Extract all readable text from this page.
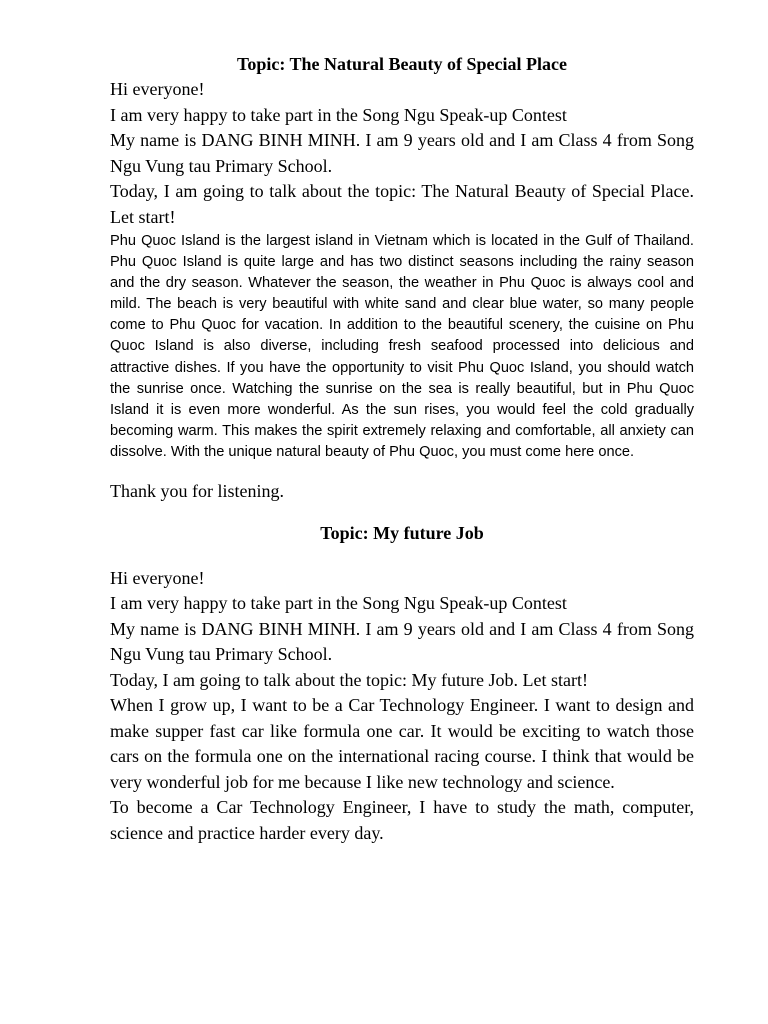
Topic: The Natural Beauty of Special Place

Hi everyone!

I am very happy to take part in the Song Ngu Speak-up Contest

My name is DANG BINH MINH. I am 9 years old and I am Class 4 from Song Ngu Vung tau Primary School.

Today, I am going to talk about the topic: The Natural Beauty of Special Place. Let start!

Phu Quoc Island is the largest island in Vietnam which is located in the Gulf of Thailand. Phu Quoc Island is quite large and has two distinct seasons including the rainy season and the dry season. Whatever the season, the weather in Phu Quoc is always cool and mild. The beach is very beautiful with white sand and clear blue water, so many people come to Phu Quoc for vacation. In addition to the beautiful scenery, the cuisine on Phu Quoc Island is also diverse, including fresh seafood processed into delicious and attractive dishes. If you have the opportunity to visit Phu Quoc Island, you should watch the sunrise once. Watching the sunrise on the sea is really beautiful, but in Phu Quoc Island it is even more wonderful. As the sun rises, you would feel the cold gradually becoming warm. This makes the spirit extremely relaxing and comfortable, all anxiety can dissolve. With the unique natural beauty of Phu Quoc, you must come here once.

Thank you for listening.

Topic: My future Job

Hi everyone!

I am very happy to take part in the Song Ngu Speak-up Contest

My name is DANG BINH MINH. I am 9 years old and I am Class 4 from Song Ngu Vung tau Primary School.

Today, I am going to talk about the topic: My future Job. Let start!

When I grow up, I want to be a Car Technology Engineer. I want to design and make supper fast car like formula one car. It would be exciting to watch those cars on the formula one on the international racing course. I think that would be very wonderful job for me because I like new technology and science.

To become a Car Technology Engineer, I have to study the math, computer, science and practice harder every day.
